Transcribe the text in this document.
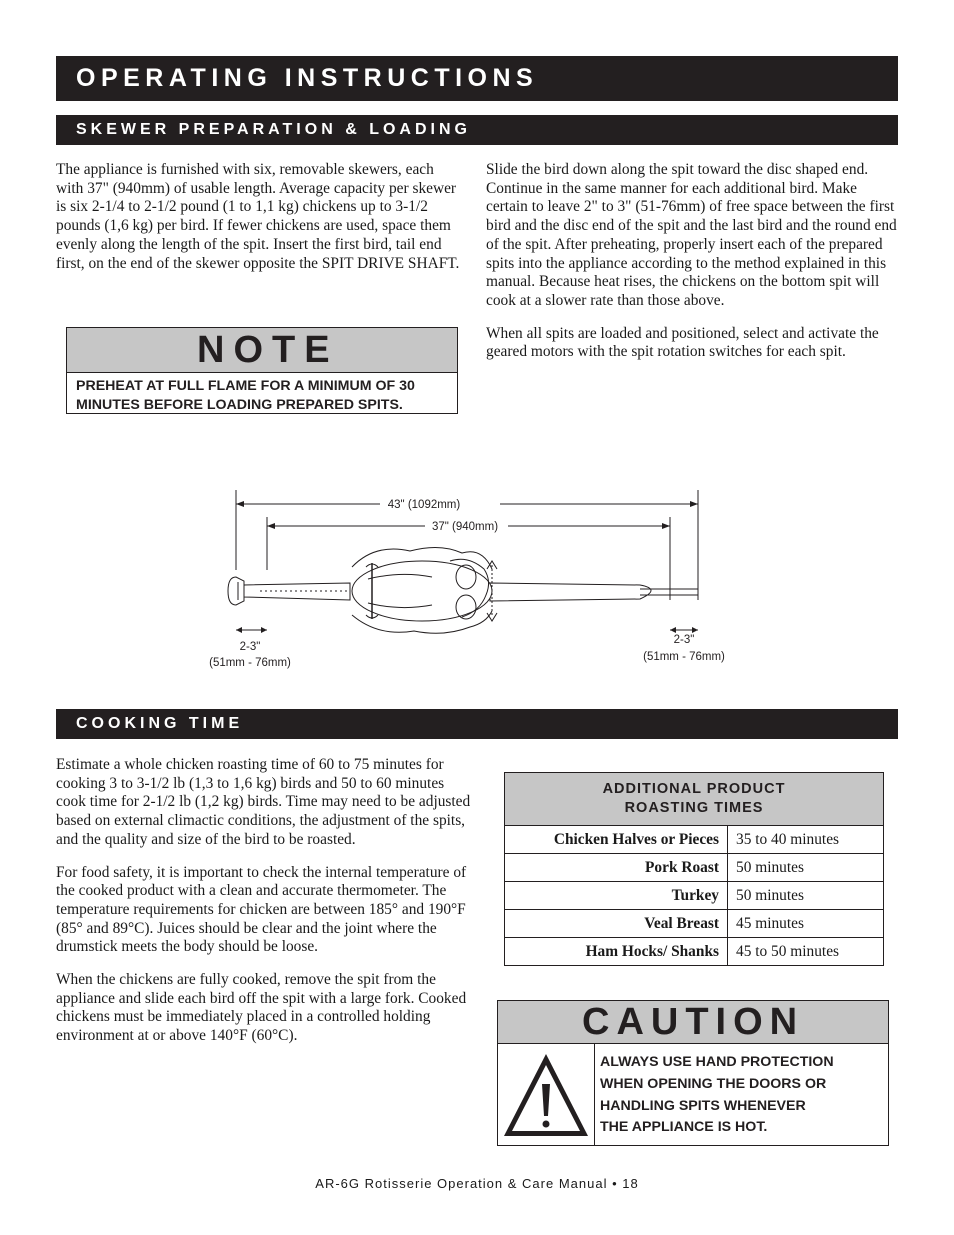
OPERATING INSTRUCTIONS
SKEWER PREPARATION & LOADING

The appliance is furnished with six, removable skewers, each with 37" (940mm) of usable length. Average capacity per skewer is six 2-1/4 to 2-1/2 pound (1 to 1,1 kg) chickens up to 3-1/2 pounds (1,6 kg) per bird. If fewer chickens are used, space them evenly along the length of the spit. Insert the first bird, tail end first, on the end of the skewer opposite the SPIT DRIVE SHAFT.

Slide the bird down along the spit toward the disc shaped end. Continue in the same manner for each additional bird. Make certain to leave 2" to 3" (51-76mm) of free space between the first bird and the disc end of the spit and the last bird and the round end of the spit. After preheating, properly insert each of the prepared spits into the appliance according to the method explained in this manual. Because heat rises, the chickens on the bottom spit will cook at a slower rate than those above.

When all spits are loaded and positioned, select and activate the geared motors with the spit rotation switches for each spit.

NOTE
PREHEAT AT FULL FLAME FOR A MINIMUM OF 30 MINUTES BEFORE LOADING PREPARED SPITS.
43" (1092mm)
37" (940mm)
2-3"
(51mm - 76mm)
2-3"
(51mm - 76mm)
COOKING TIME

Estimate a whole chicken roasting time of 60 to 75 minutes for cooking 3 to 3-1/2 lb (1,3 to 1,6 kg) birds and 50 to 60 minutes cook time for 2-1/2 lb (1,2 kg) birds. Time may need to be adjusted based on external climactic conditions, the adjustment of the spits, and the quality and size of the bird to be roasted.

For food safety, it is important to check the internal temperature of the cooked product with a clean and accurate thermometer. The temperature requirements for chicken are between 185° and 190°F (85° and 89°C). Juices should be clear and the joint where the drumstick meets the body should be loose.

When the chickens are fully cooked, remove the spit from the appliance and slide each bird off the spit with a large fork. Cooked chickens must be immediately placed in a controlled holding environment at or above 140°F (60°C).

ADDITIONAL PRODUCT
ROASTING TIMES	
Chicken Halves or Pieces	35 to 40 minutes
Pork Roast	50 minutes
Turkey	50 minutes
Veal Breast	45 minutes
Ham Hocks/ Shanks	45 to 50 minutes
CAUTION
ALWAYS USE HAND PROTECTION
WHEN OPENING THE DOORS OR
HANDLING SPITS WHENEVER
THE APPLIANCE IS HOT.
AR-6G Rotisserie Operation & Care Manual • 18
